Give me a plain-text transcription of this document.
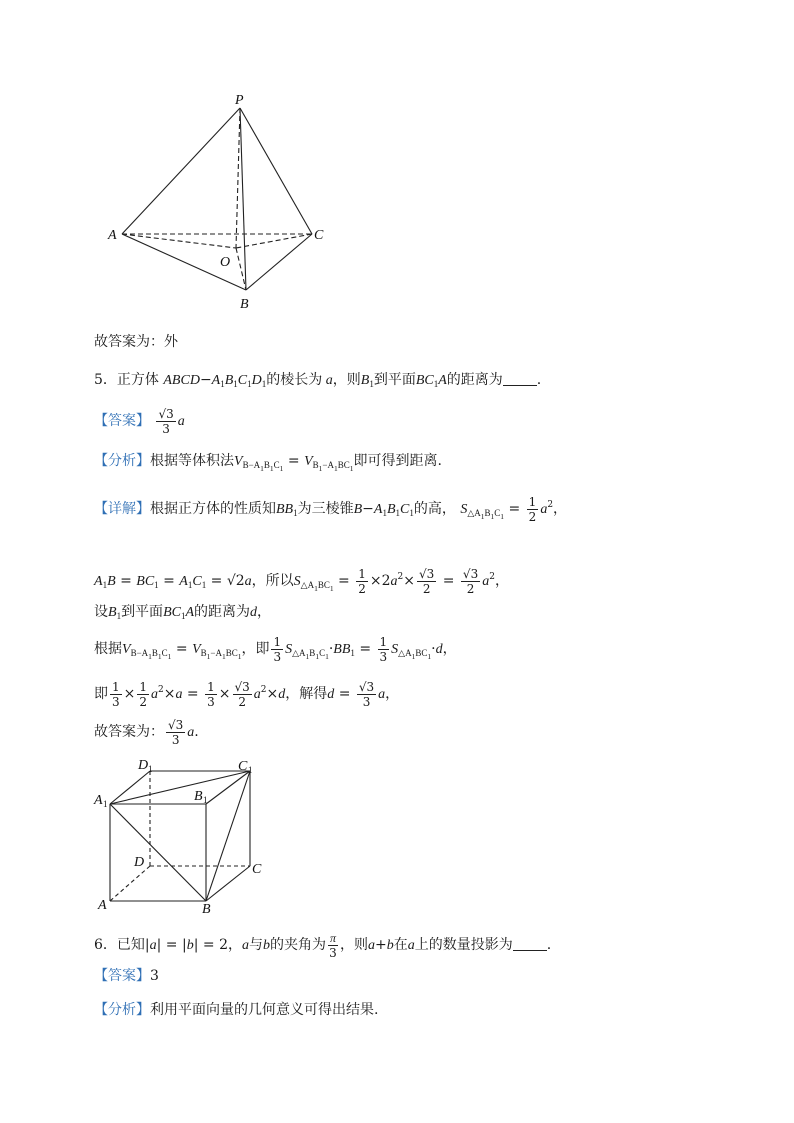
P
A	C
O
B
故答案为：外
5．正方体 $ABCD-A_1B_1C_1D_1$的棱长为 a，则$B_1$到平面$BC_1A$的距离为 .
【答案】 $\frac{√3}{3}$ a
【分析】根据等体积法$V_{B-A_1B_1C_1} = V_{B_1-A_1BC_1}$即可得到距离.
【详解】根据正方体的性质知$BB_1$为三棱锥$B-A_1B_1C_1$的高， $S_{\triangle A_1B_1C_1} = \frac{1}{2} a^2$，
$A_1B = BC_1 = A_1C_1 = √2a$，所以$S_{\triangle A_1BC_1} = \frac{1}{2} \times 2a^2\times \frac{√3}{2} = \frac{√3}{2} a^2$，
设$B_1$到平面$BC_1A$的距离为d，
根据$V_{B-A_1B_1C_1} = V_{B_1-A_1BC_1}$，即 $\frac{1}{3} S_{\triangle A_1B_1C_1}\cdot BB_1 = \frac{1}{3} S_{\triangle A_1BC_1}\cdot d$，
即 $\frac{1}{3} \times \frac{1}{2} a^2\times a = \frac{1}{3} \times \frac{√3}{2} a^2\times d$，解得$d = \frac{√3}{3}$ a，
故答案为： $\frac{√3}{3} a$.
D 1	C 1
A 1	B 1
D	C
A	B
6．已知|a| = |b| = 2，a与b的夹角为 $\frac{\pi}{3}$ ，则a+b在a上的数量投影为 .
【答案】3
【分析】利用平面向量的几何意义可得出结果.
